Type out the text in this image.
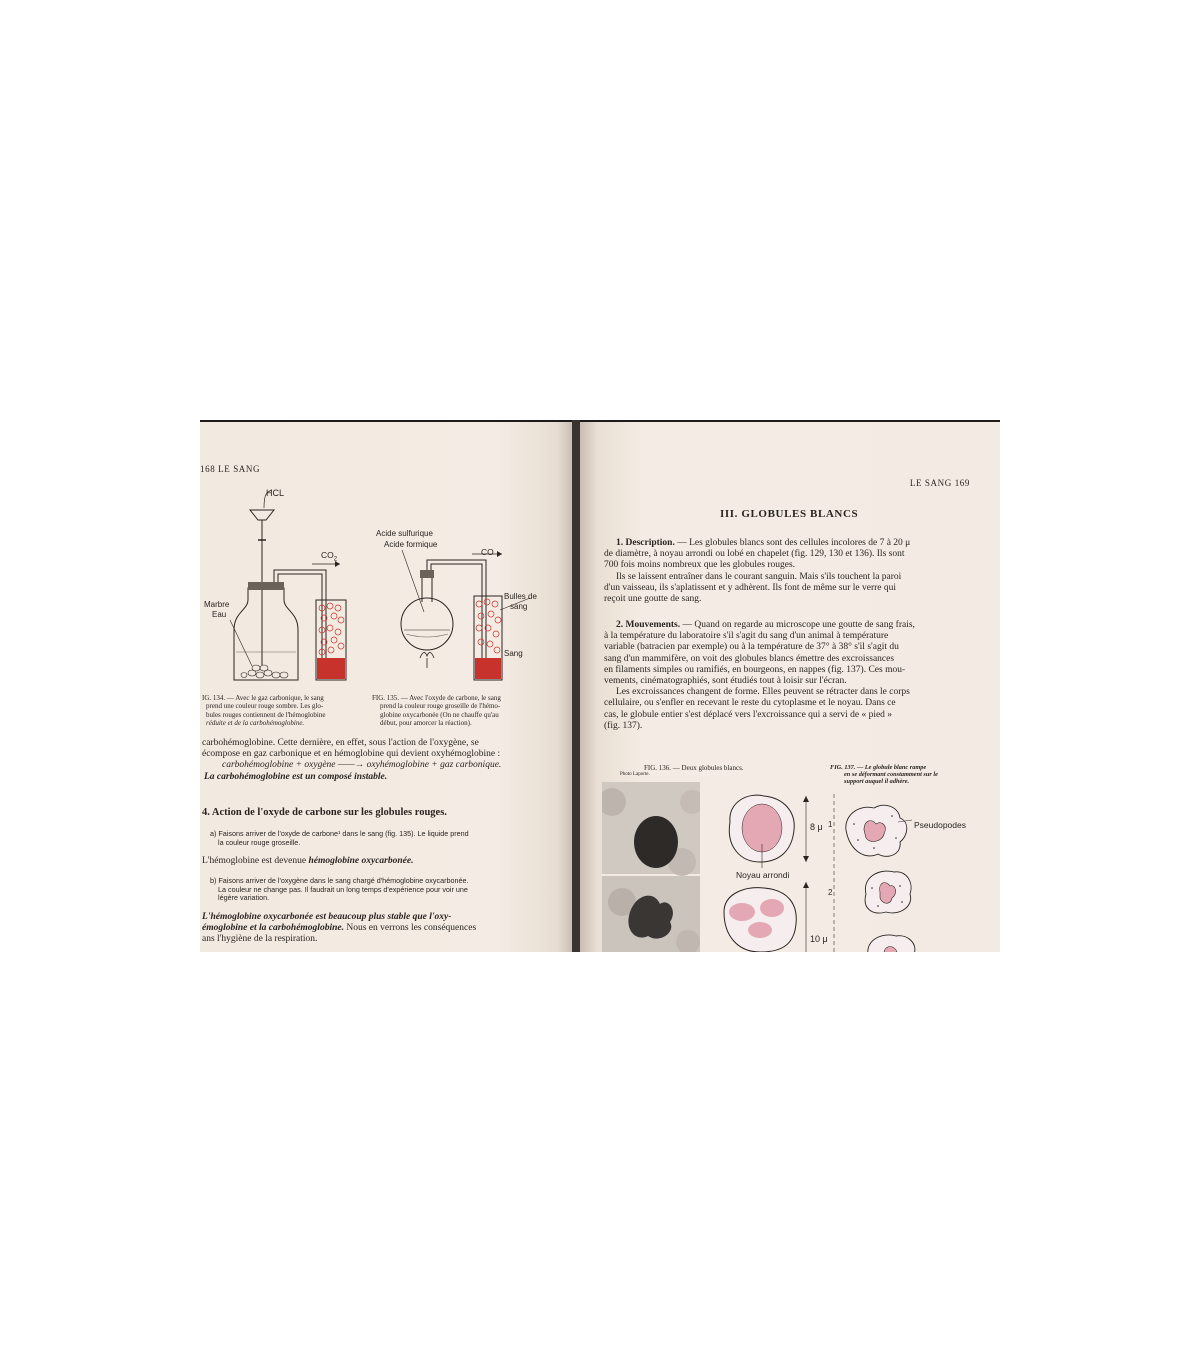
168 LE SANG
HCL
$CO_2$
Marbre
Eau
IG. 134. — Avec le gaz carbonique, le sang
prend une couleur rouge sombre. Les glo-
bules rouges contiennent de l'hémoglobine
réduite et de la carbohémoglobine.
Acide sulfurique
Acide formique
CO
Bulles de
sang
Sang
FIG. 135. — Avec l'oxyde de carbone, le sang
prend la couleur rouge groseille de l'hémo-
globine oxycarbonée (On ne chauffe qu'au
début, pour amorcer la réaction).
carbohémoglobine. Cette dernière, en effet, sous l'action de l'oxygène, se
écompose en gaz carbonique et en hémoglobine qui devient oxyhémoglobine :
carbohémoglobine + oxygène ——→ oxyhémoglobine + gaz carbonique.
La carbohémoglobine est un composé instable.
4. Action de l'oxyde de carbone sur les globules rouges.
a) Faisons arriver de l'oxyde de carbone¹ dans le sang (fig. 135). Le liquide prend
la couleur rouge groseille.
L'hémoglobine est devenue hémoglobine oxycarbonée.
b) Faisons arriver de l'oxygène dans le sang chargé d'hémoglobine oxycarbonée.
La couleur ne change pas. Il faudrait un long temps d'expérience pour voir une
légère variation.
L'hémoglobine oxycarbonée est beaucoup plus stable que l'oxy-
émoglobine et la carbohémoglobine. Nous en verrons les conséquences
ans l'hygiène de la respiration.
LE SANG 169
III. GLOBULES BLANCS
1. Description. — Les globules blancs sont des cellules incolores de 7 à 20 μ
de diamètre, à noyau arrondi ou lobé en chapelet (fig. 129, 130 et 136). Ils sont
700 fois moins nombreux que les globules rouges.
Ils se laissent entraîner dans le courant sanguin. Mais s'ils touchent la paroi
d'un vaisseau, ils s'aplatissent et y adhèrent. Ils font de même sur le verre qui
reçoit une goutte de sang.
2. Mouvements. — Quand on regarde au microscope une goutte de sang frais,
à la température du laboratoire s'il s'agit du sang d'un animal à température
variable (batracien par exemple) ou à la température de 37° à 38° s'il s'agit du
sang d'un mammifère, on voit des globules blancs émettre des excroissances
en filaments simples ou ramifiés, en bourgeons, en nappes (fig. 137). Ces mou-
vements, cinématographiés, sont étudiés tout à loisir sur l'écran.
Les excroissances changent de forme. Elles peuvent se rétracter dans le corps
cellulaire, ou s'enfler en recevant le reste du cytoplasme et le noyau. Dans ce
cas, le globule entier s'est déplacé vers l'excroissance qui a servi de « pied »
(fig. 137).
FIG. 136. — Deux globules blancs.
Photo Laporte.
8 μ
Noyau arrondi
10 μ
FIG. 137. — Le globule blanc rampe
en se déformant constamment sur le
support auquel il adhère.
1
2
Pseudopodes
